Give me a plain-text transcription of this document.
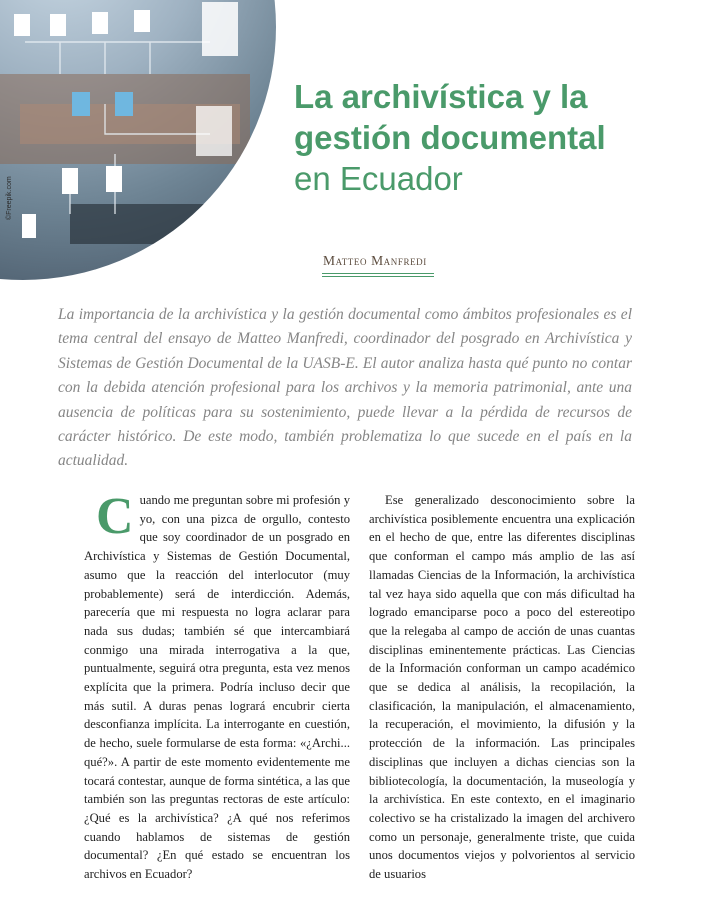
©Freepik.com
La archivística y la
gestión documental
en Ecuador
Matteo Manfredi

La importancia de la archivística y la gestión documental como ámbitos profesionales es el tema central del ensayo de Matteo Manfredi, coordinador del posgrado en Archivística y Sistemas de Gestión Documental de la UASB-E. El autor analiza hasta qué punto no contar con la debida atención profesional para los archivos y la memoria patrimonial, ante una ausencia de políticas para su sostenimiento, puede llevar a la pérdida de recursos de carácter histórico. De este modo, también problematiza lo que sucede en el país en la actualidad.

Cuando me preguntan sobre mi profesión y yo, con una pizca de orgullo, contesto que soy coordinador de un posgrado en Archivística y Sistemas de Gestión Documental, asumo que la reacción del interlocutor (muy probablemente) será de interdicción. Además, parecería que mi respuesta no logra aclarar para nada sus dudas; también sé que intercambiará conmigo una mirada interrogativa a la que, puntualmente, seguirá otra pregunta, esta vez menos explícita que la primera. Podría incluso decir que más sutil. A duras penas logrará encubrir cierta desconfianza implícita. La interrogante en cuestión, de hecho, suele formularse de esta forma: «¿Archi... qué?». A partir de este momento evidentemente me tocará contestar, aunque de forma sintética, a las que también son las preguntas rectoras de este artículo: ¿Qué es la archivística? ¿A qué nos referimos cuando hablamos de sistemas de gestión documental? ¿En qué estado se encuentran los archivos en Ecuador?
Ese generalizado desconocimiento sobre la archivística posiblemente encuentra una explicación en el hecho de que, entre las diferentes disciplinas que conforman el campo más amplio de las así llamadas Ciencias de la Información, la archivística tal vez haya sido aquella que con más dificultad ha logrado emanciparse poco a poco del estereotipo que la relegaba al campo de acción de unas cuantas disciplinas eminentemente prácticas. Las Ciencias de la Información conforman un campo académico que se dedica al análisis, la recopilación, la clasificación, la manipulación, el almacenamiento, la recuperación, el movimiento, la difusión y la protección de la información. Las principales disciplinas que incluyen a dichas ciencias son la bibliotecología, la documentación, la museología y la archivística. En este contexto, en el imaginario colectivo se ha cristalizado la imagen del archivero como un personaje, generalmente triste, que cuida unos documentos viejos y polvorientos al servicio de usuarios
